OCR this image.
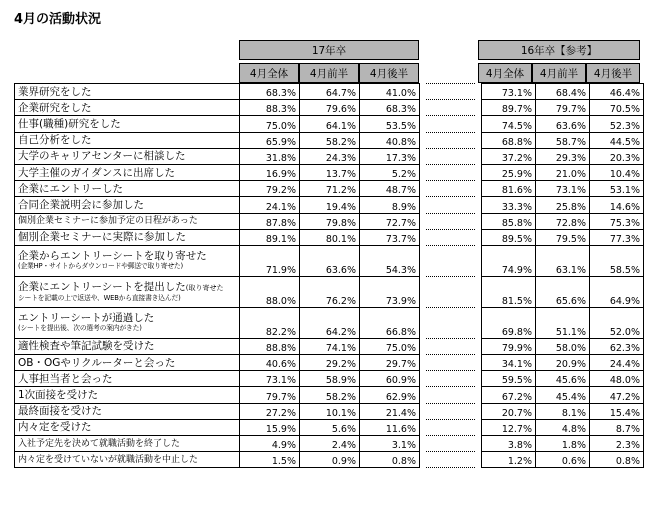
4月の活動状況
17年卒	16年卒【参考】
4月全体	4月前半	4月後半	4月全体	4月前半	4月後半
業界研究をした	68.3%	64.7%	41.0%				73.1%	68.4%	46.4%
企業研究をした	88.3%	79.6%	68.3%				89.7%	79.7%	70.5%
仕事(職種)研究をした	75.0%	64.1%	53.5%				74.5%	63.6%	52.3%
自己分析をした	65.9%	58.2%	40.8%				68.8%	58.7%	44.5%
大学のキャリアセンターに相談した	31.8%	24.3%	17.3%				37.2%	29.3%	20.3%
大学主催のガイダンスに出席した	16.9%	13.7%	5.2%				25.9%	21.0%	10.4%
企業にエントリーした	79.2%	71.2%	48.7%				81.6%	73.1%	53.1%
合同企業説明会に参加した	24.1%	19.4%	8.9%				33.3%	25.8%	14.6%
個別企業セミナーに参加予定の日程があった	87.8%	79.8%	72.7%				85.8%	72.8%	75.3%
個別企業セミナーに実際に参加した	89.1%	80.1%	73.7%				89.5%	79.5%	77.3%

企業からエントリーシートを取り寄せた
(企業HP・サイトからダウンロードや郵送で取り寄せた)	71.9%	63.6%	54.3%				74.9%	63.1%	58.5%

企業にエントリーシートを提出した(取り寄せた
シートを記載の上で返送や、WEBから直接書き込んだ)	88.0%	76.2%	73.9%				81.5%	65.6%	64.9%

エントリーシートが通過した
(シートを提出後、次の選考の案内がきた)	82.2%	64.2%	66.8%				69.8%	51.1%	52.0%
適性検査や筆記試験を受けた	88.8%	74.1%	75.0%				79.9%	58.0%	62.3%
OB・OGやリクルーターと会った	40.6%	29.2%	29.7%				34.1%	20.9%	24.4%
人事担当者と会った	73.1%	58.9%	60.9%				59.5%	45.6%	48.0%
1次面接を受けた	79.7%	58.2%	62.9%				67.2%	45.4%	47.2%
最終面接を受けた	27.2%	10.1%	21.4%				20.7%	8.1%	15.4%
内々定を受けた	15.9%	5.6%	11.6%				12.7%	4.8%	8.7%
入社予定先を決めて就職活動を終了した	4.9%	2.4%	3.1%				3.8%	1.8%	2.3%
内々定を受けていないが就職活動を中止した	1.5%	0.9%	0.8%				1.2%	0.6%	0.8%
